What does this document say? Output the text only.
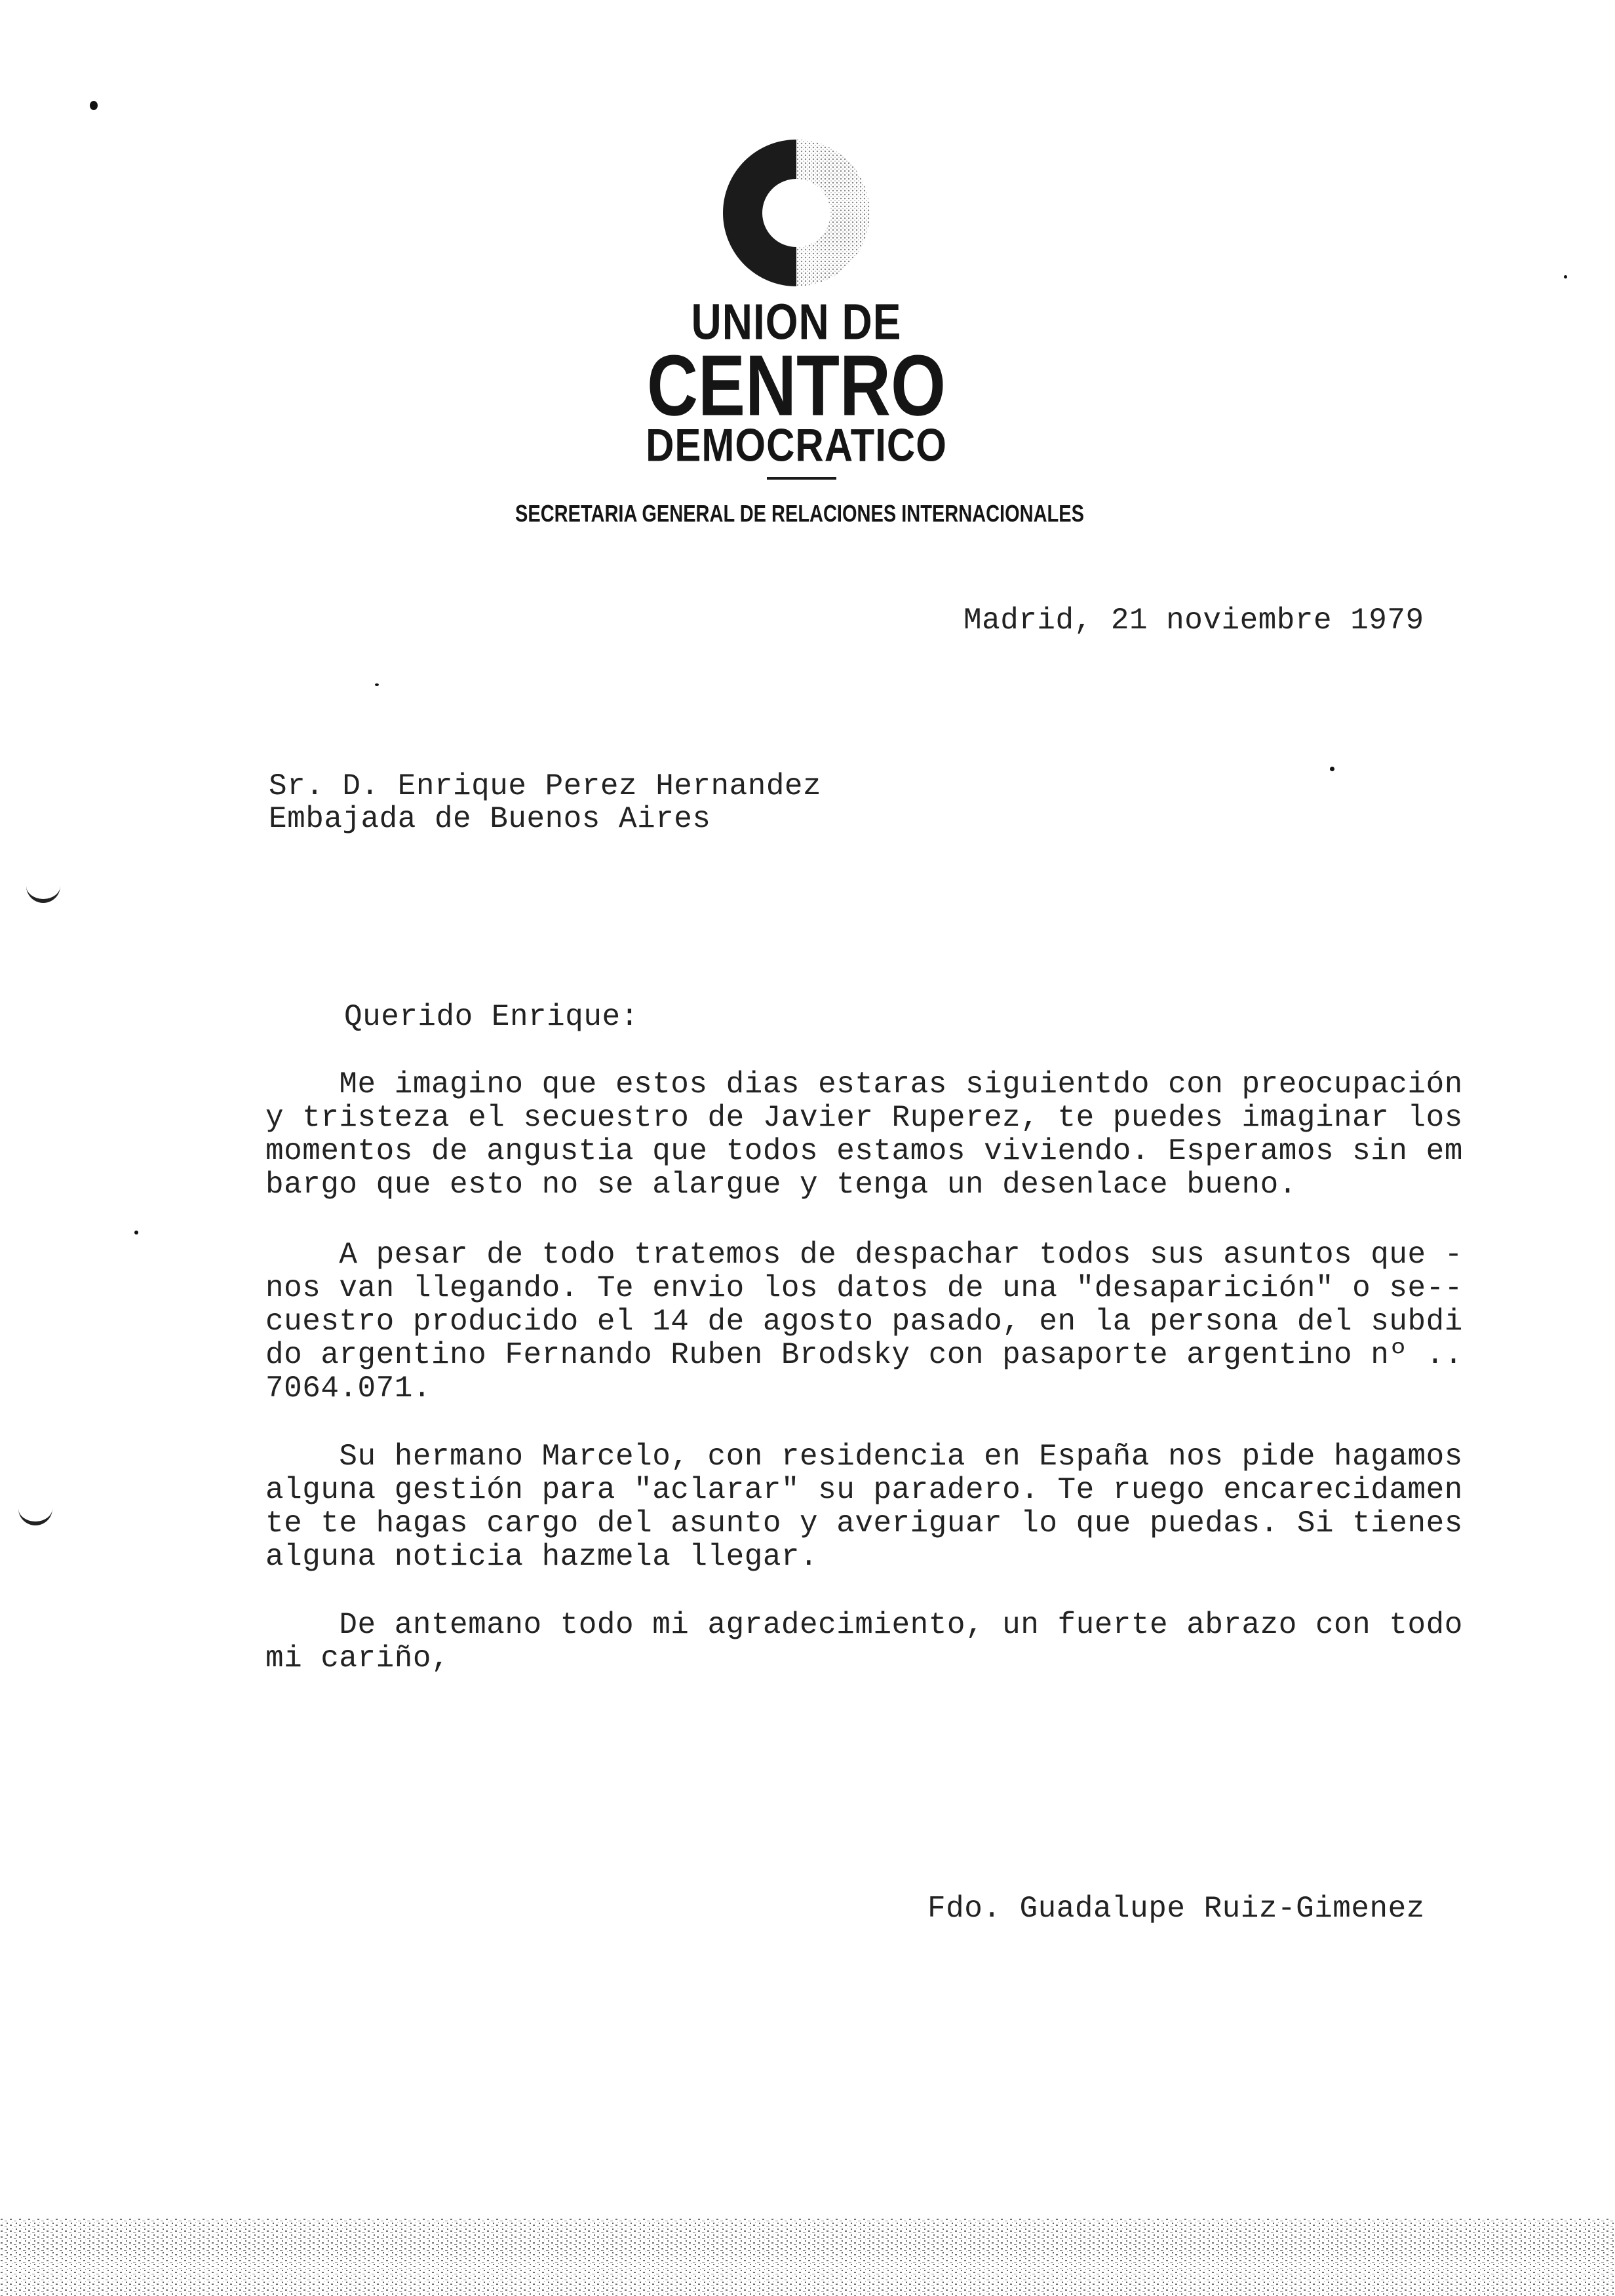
UNION DE
CENTRO
DEMOCRATICO
SECRETARIA GENERAL DE RELACIONES INTERNACIONALES
Madrid, 21 noviembre 1979
Sr. D. Enrique Perez Hernandez
Embajada de Buenos Aires
Querido Enrique:
Me imagino que estos dias estaras siguientdo con preocupación
y tristeza el secuestro de Javier Ruperez, te puedes imaginar los
momentos de angustia que todos estamos viviendo. Esperamos sin em
bargo que esto no se alargue y tenga un desenlace bueno.
A pesar de todo tratemos de despachar todos sus asuntos que -
nos van llegando. Te envio los datos de una "desaparición" o se--
cuestro producido el 14 de agosto pasado, en la persona del subdi
do argentino Fernando Ruben Brodsky con pasaporte argentino nº ..
7064.071.
Su hermano Marcelo, con residencia en España nos pide hagamos
alguna gestión para "aclarar" su paradero. Te ruego encarecidamen
te te hagas cargo del asunto y averiguar lo que puedas. Si tienes
alguna noticia hazmela llegar.
De antemano todo mi agradecimiento, un fuerte abrazo con todo
mi cariño,
Fdo. Guadalupe Ruiz-Gimenez
